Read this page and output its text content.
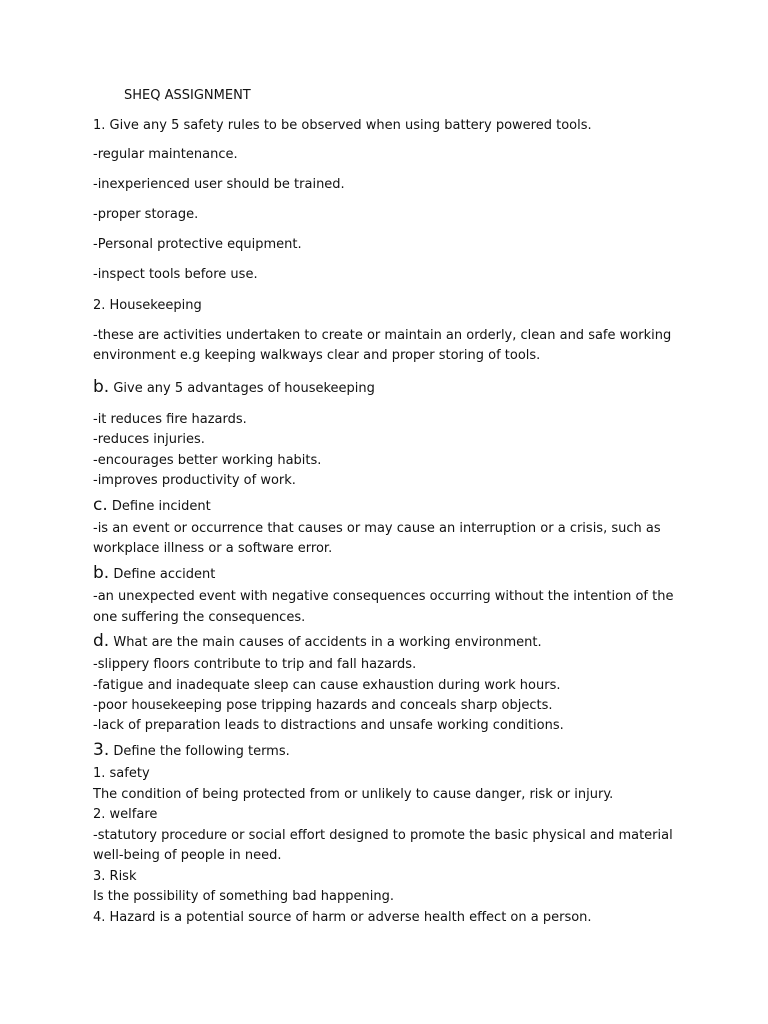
SHEQ ASSIGNMENT
1. Give any 5 safety rules to be observed when using battery powered tools.
-regular maintenance.
-inexperienced user should be trained.
-proper storage.
-Personal protective equipment.
-inspect tools before use.
2. Housekeeping
-these are activities undertaken to create or maintain an orderly, clean and safe working
environment e.g keeping walkways clear and proper storing of tools.
b. Give any 5 advantages of housekeeping
-it reduces fire hazards.
-reduces injuries.
-encourages better working habits.
-improves productivity of work.
c. Define incident
-is an event or occurrence that causes or may cause an interruption or a crisis, such as
workplace illness or a software error.
b. Define accident
-an unexpected event with negative consequences occurring without the intention of the
one suffering the consequences.
d. What are the main causes of accidents in a working environment.
-slippery floors contribute to trip and fall hazards.
-fatigue and inadequate sleep can cause exhaustion during work hours.
-poor housekeeping pose tripping hazards and conceals sharp objects.
-lack of preparation leads to distractions and unsafe working conditions.
3. Define the following terms.
1. safety
The condition of being protected from or unlikely to cause danger, risk or injury.
2. welfare
-statutory procedure or social effort designed to promote the basic physical and material
well-being of people in need.
3. Risk
Is the possibility of something bad happening.
4. Hazard is a potential source of harm or adverse health effect on a person.
